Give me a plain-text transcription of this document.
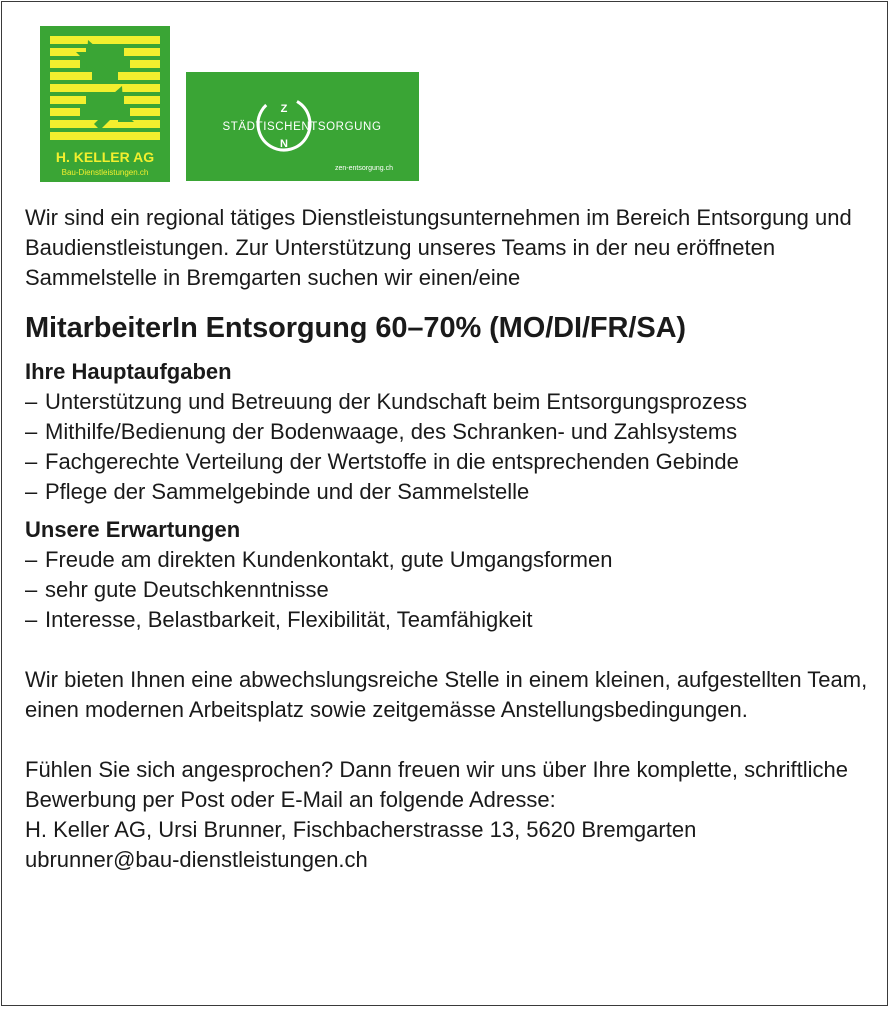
H. KELLER AG
Bau-Dienstleistungen.ch
Z
N
STÄDTISCHENTSORGUNG
zen-entsorgung.ch

Wir sind ein regional tätiges Dienstleistungsunternehmen im Bereich Entsorgung und Baudienstleistungen. Zur Unterstützung unseres Teams in der neu eröffneten Sammelstelle in Bremgarten suchen wir einen/eine

MitarbeiterIn Entsorgung 60–70% (MO/DI/FR/SA)
Ihre Hauptaufgaben
– Unterstützung und Betreuung der Kundschaft beim Entsorgungsprozess
– Mithilfe/Bedienung der Bodenwaage, des Schranken- und Zahlsystems
– Fachgerechte Verteilung der Wertstoffe in die entsprechenden Gebinde
– Pflege der Sammelgebinde und der Sammelstelle
Unsere Erwartungen
– Freude am direkten Kundenkontakt, gute Umgangsformen
– sehr gute Deutschkenntnisse
– Interesse, Belastbarkeit, Flexibilität, Teamfähigkeit

Wir bieten Ihnen eine abwechslungsreiche Stelle in einem kleinen, aufgestellten Team, einen modernen Arbeitsplatz sowie zeitgemässe Anstellungsbedingungen.

Fühlen Sie sich angesprochen? Dann freuen wir uns über Ihre komplette, schriftliche Bewerbung per Post oder E-Mail an folgende Adresse:
H. Keller AG, Ursi Brunner, Fischbacherstrasse 13, 5620 Bremgarten
ubrunner@bau-dienstleistungen.ch
